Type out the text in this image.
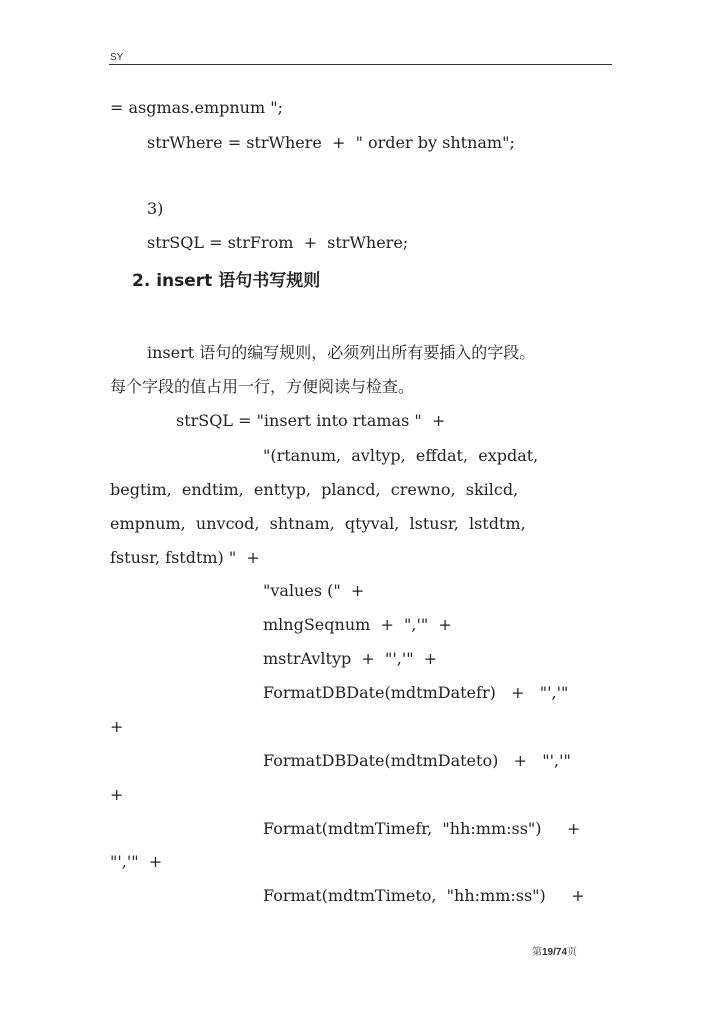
SY
= asgmas.empnum ";
strWhere = strWhere  +  " order by shtnam";
3)
strSQL = strFrom  +  strWhere;
2. insert 语句书写规则
insert 语句的编写规则，必须列出所有要插入的字段。
每个字段的值占用一行，方便阅读与检查。
strSQL = "insert into rtamas "  +
"(rtanum,  avltyp,  effdat,  expdat,
begtim,  endtim,  enttyp,  plancd,  crewno,  skilcd,
empnum,  unvcod,  shtnam,  qtyval,  lstusr,  lstdtm,
fstusr, fstdtm) "  +
"values ("  +
mlngSeqnum  +  ",'"  +
mstrAvltyp  +  "','"  +
FormatDBDate(mdtmDatefr)   +   "','"
+
FormatDBDate(mdtmDateto)   +   "','"
+
Format(mdtmTimefr,  "hh:mm:ss")     +
"','"  +
Format(mdtmTimeto,  "hh:mm:ss")     +
第19/74页
